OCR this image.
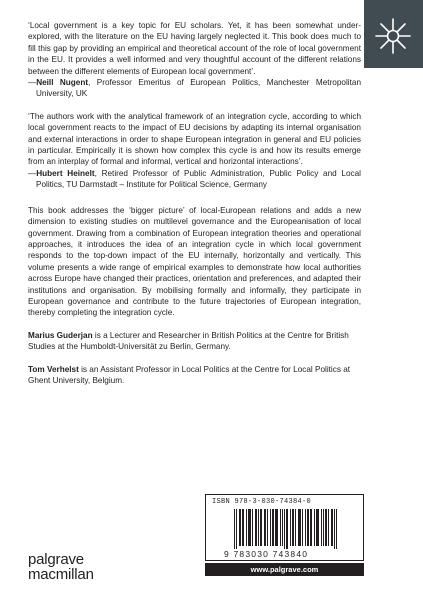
‘Local government is a key topic for EU scholars. Yet, it has been somewhat under-explored, with the literature on the EU having largely neglected it. This book does much to fill this gap by providing an empirical and theoretical account of the role of local government in the EU. It provides a well informed and very thoughtful account of the different relations between the different elements of European local government’.

—Neill Nugent, Professor Emeritus of European Politics, Manchester Metropolitan University, UK

‘The authors work with the analytical framework of an integration cycle, according to which local government reacts to the impact of EU decisions by adapting its internal organisation and external interactions in order to shape European integration in general and EU policies in particular. Empirically it is shown how complex this cycle is and how its results emerge from an interplay of formal and informal, vertical and horizontal interactions’.

—Hubert Heinelt, Retired Professor of Public Administration, Public Policy and Local Politics, TU Darmstadt – Institute for Political Science, Germany

This book addresses the ‘bigger picture’ of local-European relations and adds a new dimension to existing studies on multilevel governance and the Europeanisation of local government. Drawing from a combination of European integration theories and operational approaches, it introduces the idea of an integration cycle in which local government responds to the top-down impact of the EU internally, horizontally and vertically. This volume presents a wide range of empirical examples to demonstrate how local authorities across Europe have changed their practices, orientation and preferences, and adapted their institutions and organisation. By mobilising formally and informally, they participate in European governance and contribute to the future trajectories of European integration, thereby completing the integration cycle.

Marius Guderjan is a Lecturer and Researcher in British Politics at the Centre for British Studies at the Humboldt-Universität zu Berlin, Germany.

Tom Verhelst is an Assistant Professor in Local Politics at the Centre for Local Politics at Ghent University, Belgium.

ISBN 978-3-030-74384-0
9 783030 743840
www.palgrave.com
palgrave
macmillan
